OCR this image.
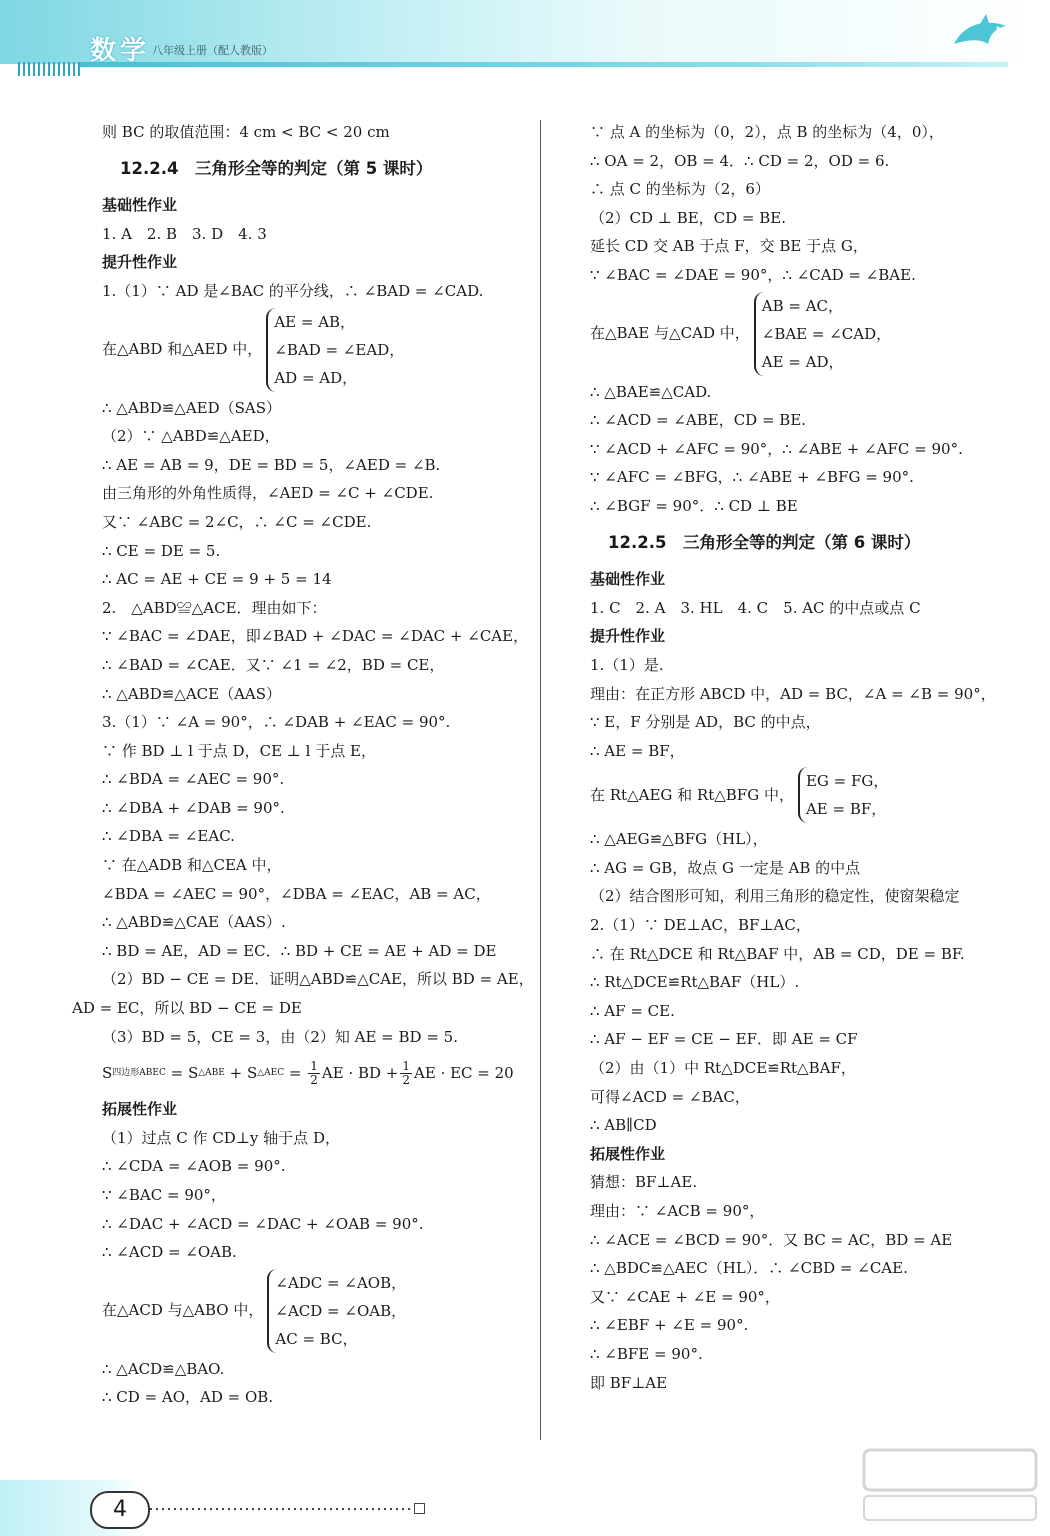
数学 八年级上册（配人教版）
则 BC 的取值范围：4 cm < BC < 20 cm
12.2.4　三角形全等的判定（第 5 课时）
基础性作业
1. A　2. B　3. D　4. 3
提升性作业
1.（1）∵ AD 是∠BAC 的平分线，∴ ∠BAD = ∠CAD.
在△ABD 和△AED 中，
AE = AB，
∠BAD = ∠EAD，
AD = AD，
∴ △ABD≌△AED（SAS）
（2）∵ △ABD≌△AED，
∴ AE = AB = 9，DE = BD = 5，∠AED = ∠B.
由三角形的外角性质得，∠AED = ∠C + ∠CDE.
又∵ ∠ABC = 2∠C，∴ ∠C = ∠CDE.
∴ CE = DE = 5.
∴ AC = AE + CE = 9 + 5 = 14
2.　△ABD≌△ACE．理由如下：
∵ ∠BAC = ∠DAE，即∠BAD + ∠DAC = ∠DAC + ∠CAE，
∴ ∠BAD = ∠CAE．又∵ ∠1 = ∠2，BD = CE，
∴ △ABD≌△ACE（AAS）
3.（1）∵ ∠A = 90°，∴ ∠DAB + ∠EAC = 90°.
∵ 作 BD ⊥ l 于点 D，CE ⊥ l 于点 E，
∴ ∠BDA = ∠AEC = 90°.
∴ ∠DBA + ∠DAB = 90°.
∴ ∠DBA = ∠EAC.
∵ 在△ADB 和△CEA 中，
∠BDA = ∠AEC = 90°，∠DBA = ∠EAC，AB = AC，
∴ △ABD≌△CAE（AAS）.
∴ BD = AE，AD = EC．∴ BD + CE = AE + AD = DE
（2）BD − CE = DE．证明△ABD≌△CAE，所以 BD = AE，
AD = EC，所以 BD − CE = DE
（3）BD = 5，CE = 3，由（2）知 AE = BD = 5.
S 四边形ABEC = S △ABE + S △AEC = $\frac{1}{2}$ AE · BD + $\frac{1}{2}$ AE · EC = 20
拓展性作业
（1）过点 C 作 CD⊥y 轴于点 D，
∴ ∠CDA = ∠AOB = 90°.
∵ ∠BAC = 90°，
∴ ∠DAC + ∠ACD = ∠DAC + ∠OAB = 90°.
∴ ∠ACD = ∠OAB.
在△ACD 与△ABO 中，
∠ADC = ∠AOB，
∠ACD = ∠OAB，
AC = BC，
∴ △ACD≌△BAO.
∴ CD = AO，AD = OB.
∵ 点 A 的坐标为（0，2），点 B 的坐标为（4，0），
∴ OA = 2，OB = 4．∴ CD = 2，OD = 6.
∴ 点 C 的坐标为（2，6）
（2）CD ⊥ BE，CD = BE.
延长 CD 交 AB 于点 F，交 BE 于点 G，
∵ ∠BAC = ∠DAE = 90°，∴ ∠CAD = ∠BAE.
在△BAE 与△CAD 中，
AB = AC，
∠BAE = ∠CAD，
AE = AD，
∴ △BAE≌△CAD.
∴ ∠ACD = ∠ABE，CD = BE.
∵ ∠ACD + ∠AFC = 90°，∴ ∠ABE + ∠AFC = 90°.
∵ ∠AFC = ∠BFG，∴ ∠ABE + ∠BFG = 90°.
∴ ∠BGF = 90°．∴ CD ⊥ BE
12.2.5　三角形全等的判定（第 6 课时）
基础性作业
1. C　2. A　3. HL　4. C　5. AC 的中点或点 C
提升性作业
1.（1）是.
理由：在正方形 ABCD 中，AD = BC，∠A = ∠B = 90°，
∵ E，F 分别是 AD，BC 的中点，
∴ AE = BF，
在 Rt△AEG 和 Rt△BFG 中，
EG = FG，
AE = BF，
∴ △AEG≌△BFG（HL），
∴ AG = GB，故点 G 一定是 AB 的中点
（2）结合图形可知，利用三角形的稳定性，使窗架稳定
2.（1）∵ DE⊥AC，BF⊥AC，
∴ 在 Rt△DCE 和 Rt△BAF 中，AB = CD，DE = BF.
∴ Rt△DCE≌Rt△BAF（HL）.
∴ AF = CE.
∴ AF − EF = CE − EF．即 AE = CF
（2）由（1）中 Rt△DCE≌Rt△BAF，
可得∠ACD = ∠BAC，
∴ AB∥CD
拓展性作业
猜想：BF⊥AE.
理由：∵ ∠ACB = 90°，
∴ ∠ACE = ∠BCD = 90°．又 BC = AC，BD = AE
∴ △BDC≌△AEC（HL）．∴ ∠CBD = ∠CAE.
又∵ ∠CAE + ∠E = 90°，
∴ ∠EBF + ∠E = 90°.
∴ ∠BFE = 90°.
即 BF⊥AE
4
